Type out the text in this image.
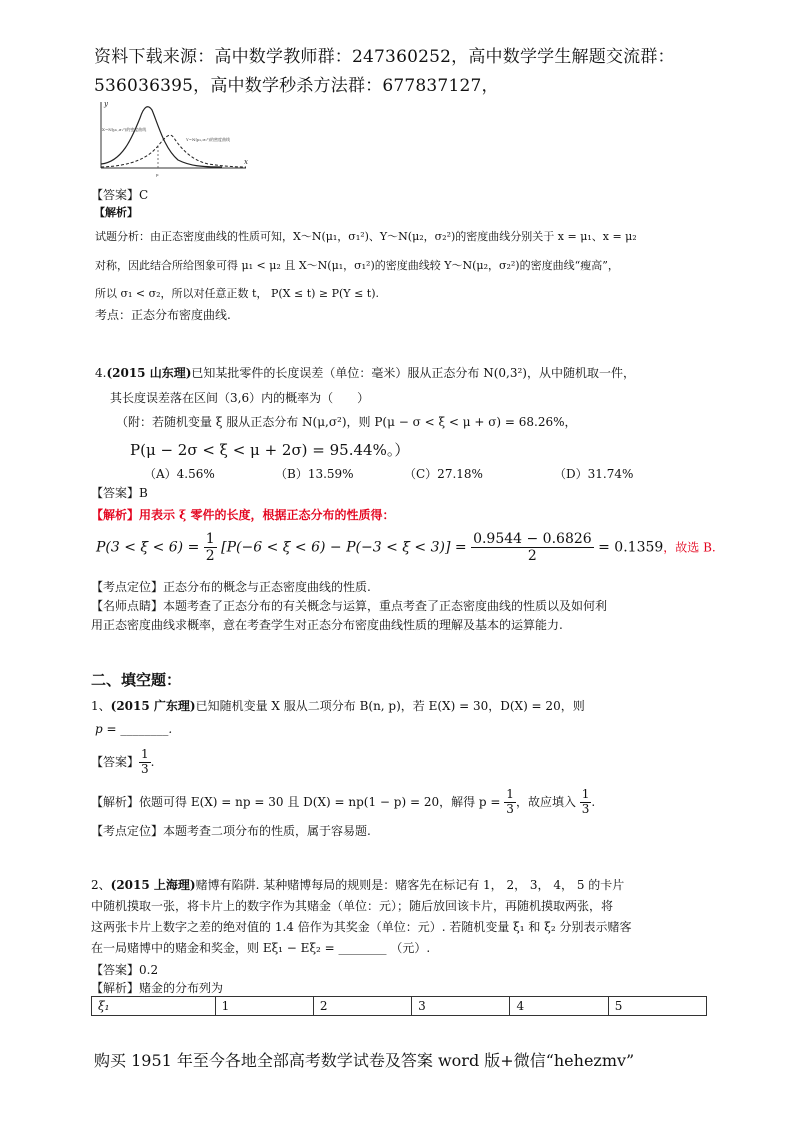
资料下载来源：高中数学教师群：247360252，高中数学学生解题交流群：
536036395，高中数学秒杀方法群：677837127，
y
x
X~N(μ₁,σ₁²)的密度曲线
Y~N(μ₂,σ₂²)的密度曲线
μ
【答案】C
【解析】
试题分析：由正态密度曲线的性质可知，X～N(μ₁，σ₁²)、Y～N(μ₂，σ₂²)的密度曲线分别关于 x = μ₁、x = μ₂
对称，因此结合所给图象可得 μ₁ < μ₂ 且 X～N(μ₁，σ₁²)的密度曲线较 Y～N(μ₂，σ₂²)的密度曲线“瘦高”，
所以 σ₁ < σ₂，所以对任意正数 t， P(X ≤ t) ≥ P(Y ≤ t).
考点：正态分布密度曲线.
4.(2015 山东理)已知某批零件的长度误差（单位：毫米）服从正态分布 N(0,3²)，从中随机取一件，
其长度误差落在区间（3,6）内的概率为（　　）
（附：若随机变量 ξ 服从正态分布 N(μ,σ²)，则 P(μ − σ < ξ < μ + σ) = 68.26%，
P(μ − 2σ < ξ < μ + 2σ) = 95.44%。）
（A）4.56%	（B）13.59%	（C）27.18%	（D）31.74%
【答案】B
【解析】用表示 ξ 零件的长度，根据正态分布的性质得：
$P(3 < \xi < 6) = \frac{1}{2} [P(-6 < \xi < 6) - P(-3 < \xi < 3)] = \frac{0.9544 - 0.6826}{2} = 0.1359$，故选 B.
【考点定位】正态分布的概念与正态密度曲线的性质.
【名师点睛】本题考查了正态分布的有关概念与运算，重点考查了正态密度曲线的性质以及如何利
用正态密度曲线求概率，意在考查学生对正态分布密度曲线性质的理解及基本的运算能力.
二、填空题：
1、(2015 广东理)已知随机变量 X 服从二项分布 B(n, p)，若 E(X) = 30，D(X) = 20，则
p = ________.
【答案】 $\frac{1}{3}$ .
【解析】依题可得 E(X) = np = 30 且 D(X) = np(1 − p) = 20，解得 $p = \frac{1}{3}$ ，故应填入 $\frac{1}{3}$ .
【考点定位】本题考查二项分布的性质，属于容易题.
2、(2015 上海理)赌博有陷阱. 某种赌博每局的规则是：赌客先在标记有 1， 2， 3， 4， 5 的卡片
中随机摸取一张，将卡片上的数字作为其赌金（单位：元）；随后放回该卡片，再随机摸取两张，将
这两张卡片上数字之差的绝对值的 1.4 倍作为其奖金（单位：元）. 若随机变量 ξ₁ 和 ξ₂ 分别表示赌客
在一局赌博中的赌金和奖金，则 Eξ₁ − Eξ₂ = ________ （元）.
【答案】0.2
【解析】赌金的分布列为
ξ₁	1	2	3	4	5
购买 1951 年至今各地全部高考数学试卷及答案 word 版+微信“hehezmv”
